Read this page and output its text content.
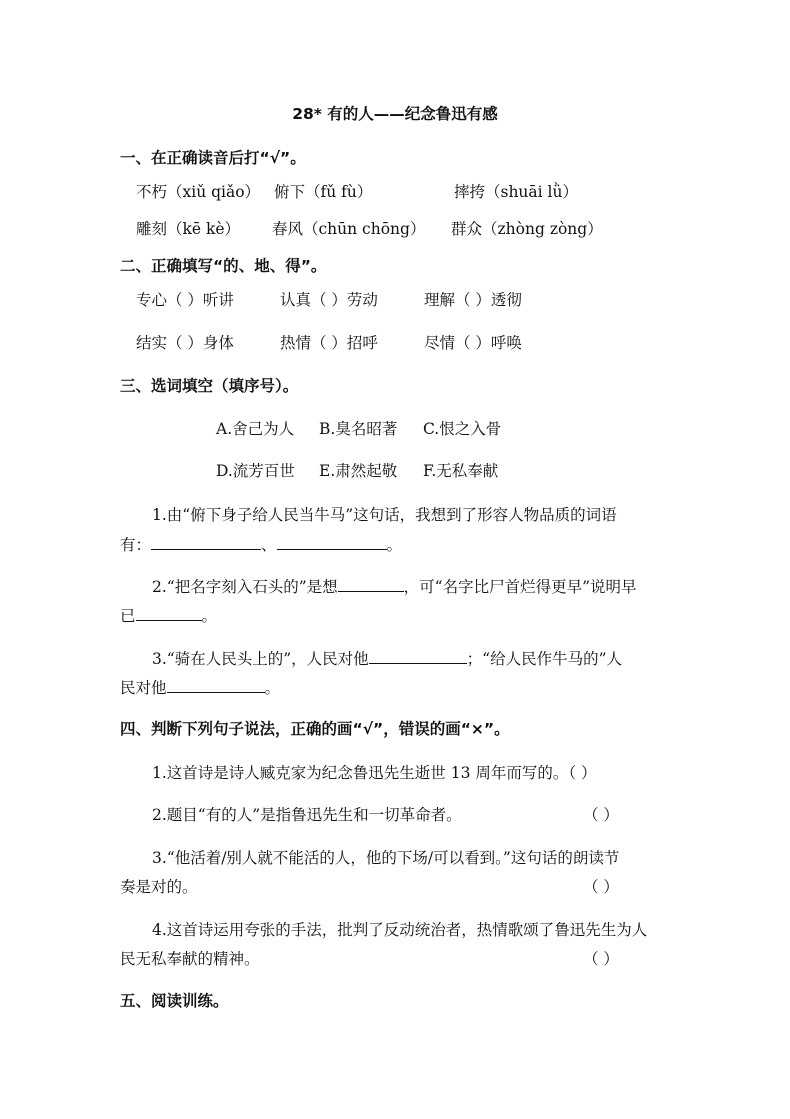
28* 有的人——纪念鲁迅有感
一、在正确读音后打“√”。
不朽（xiǔ qiǎo） 俯下（fǔ fù）	摔挎（shuāi lǜ）
雕刻（kē kè） 春风（chūn chōng） 群众（zhòng zòng）
二、正确填写“的、地、得”。
专心（ ）听讲	认真（ ）劳动	理解（ ）透彻
结实（ ）身体	热情（ ）招呼	尽情（ ）呼唤
三、选词填空（填序号）。
A.舍己为人 B.臭名昭著 C.恨之入骨
D.流芳百世 E.肃然起敬 F.无私奉献
1.由“俯下身子给人民当牛马”这句话，我想到了形容人物品质的词语
有：	、	。
2.“把名字刻入石头的”是想	，可“名字比尸首烂得更早”说明早
已	。
3.“骑在人民头上的”，人民对他	；“给人民作牛马的”人
民对他	。
四、判断下列句子说法，正确的画“√”，错误的画“×”。
1.这首诗是诗人臧克家为纪念鲁迅先生逝世 13 周年而写的。（ ）
2.题目“有的人”是指鲁迅先生和一切革命者。	（ ）
3.“他活着/别人就不能活的人，他的下场/可以看到。”这句话的朗读节
奏是对的。	（ ）
4.这首诗运用夸张的手法，批判了反动统治者，热情歌颂了鲁迅先生为人
民无私奉献的精神。	（ ）
五、阅读训练。
